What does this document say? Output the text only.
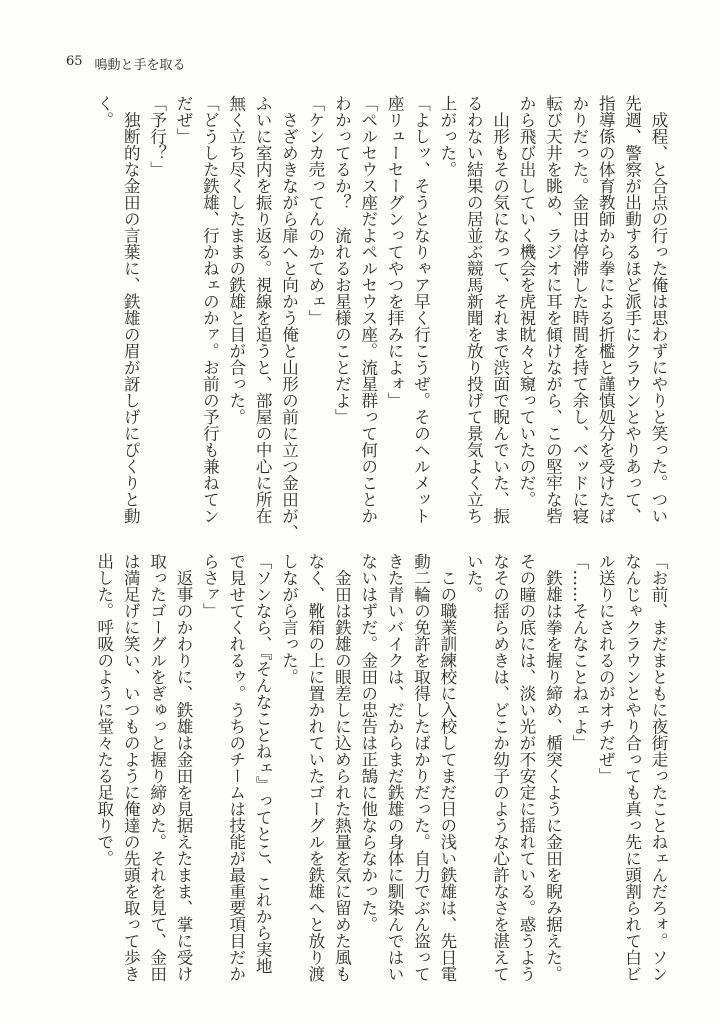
65 鳴動と手を取る
　成程、と合点の行った俺は思わずにやりと笑った。つい
先週、警察が出動するほど派手にクラウンとやりあって、
指導係の体育教師から拳による折檻と謹慎処分を受けたば
かりだった。金田は停滞した時間を持て余し、ベッドに寝
転び天井を眺め、ラジオに耳を傾けながら、この堅牢な砦
から飛び出していく機会を虎視眈々と窺っていたのだ。
　山形もその気になって、それまで渋面で睨んでいた、振
るわない結果の居並ぶ競馬新聞を放り投げて景気よく立ち
上がった。
「よしッ、そうとなりゃア早く行こうぜ。そのヘルメット
座リューセーグンってやつを拝みによォ」
「ペルセウス座だよペルセウス座。流星群って何のことか
わかってるか？　流れるお星様のことだよ」
「ケンカ売ってんのかてめェ」
　さざめきながら扉へと向かう俺と山形の前に立つ金田が、
ふいに室内を振り返る。視線を追うと、部屋の中心に所在
無く立ち尽くしたままの鉄雄と目が合った。
「どうした鉄雄、行かねェのかァ。お前の予行も兼ねてン
だぜ」
「予行？」
　独断的な金田の言葉に、鉄雄の眉が訝しげにぴくりと動
く。
「お前、まだまともに夜街走ったことねェんだろォ。ソン
なんじゃクラウンとやり合っても真っ先に頭割られて白ビ
ル送りにされるのがオチだぜ」
「……そんなことねェよ」
　鉄雄は拳を握り締め、楯突くように金田を睨み据えた。
その瞳の底には、淡い光が不安定に揺れている。惑うよう
なその揺らめきは、どこか幼子のような心許なさを湛えて
いた。
　この職業訓練校に入校してまだ日の浅い鉄雄は、先日電
動二輪の免許を取得したばかりだった。自力でぶん盗って
きた青いバイクは、だからまだ鉄雄の身体に馴染んではい
ないはずだ。金田の忠告は正鵠に他ならなかった。
　金田は鉄雄の眼差しに込められた熱量を気に留めた風も
なく、靴箱の上に置かれていたゴーグルを鉄雄へと放り渡
しながら言った。
「ソンなら、『そんなことねェ』ってとこ、これから実地
で見せてくれるゥ。うちのチームは技能が最重要項目だか
らさァ」
　返事のかわりに、鉄雄は金田を見据えたまま、掌に受け
取ったゴーグルをぎゅっと握り締めた。それを見て、金田
は満足げに笑い、いつものように俺達の先頭を取って歩き
出した。呼吸のように堂々たる足取りで。
